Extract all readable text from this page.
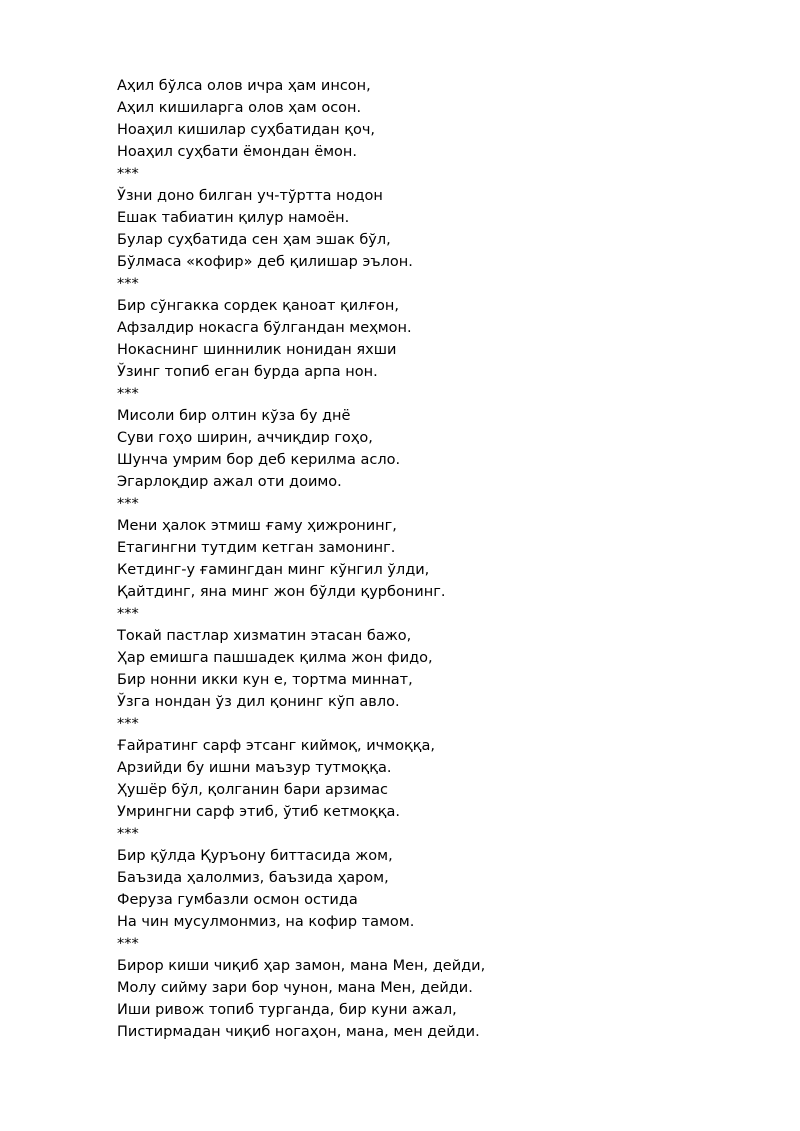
Аҳил бўлса олов ичра ҳам инсон,
Аҳил кишиларга олов ҳам осон.
Ноаҳил кишилар суҳбатидан қоч,
Ноаҳил суҳбати ёмондан ёмон.
***
Ўзни доно билган уч-тўртта нодон
Ешак табиатин қилур намоён.
Булар суҳбатида сен ҳам эшак бўл,
Бўлмаса «кофир» деб қилишар эълон.
***
Бир сўнгакка сордек қаноат қилғон,
Афзалдир нокасга бўлгандан меҳмон.
Нокаснинг шиннилик нонидан яхши
Ўзинг топиб еган бурда арпа нон.
***
Мисоли бир олтин кўза бу днё
Суви гоҳо ширин, аччиқдир гоҳо,
Шунча умрим бор деб керилма асло.
Эгарлоқдир ажал оти доимо.
***
Мени ҳалок этмиш ғаму ҳижронинг,
Етагингни тутдим кетган замонинг.
Кетдинг-у ғамингдан минг кўнгил ўлди,
Қайтдинг, яна минг жон бўлди қурбонинг.
***
Токай пастлар хизматин этасан бажо,
Ҳар емишга пашшадек қилма жон фидо,
Бир нонни икки кун е, тортма миннат,
Ўзга нондан ўз дил қонинг кўп авло.
***
Ғайратинг сарф этсанг киймоқ, ичмоққа,
Арзийди бу ишни маъзур тутмоққа.
Ҳушёр бўл, қолганин бари арзимас
Умрингни сарф этиб, ўтиб кетмоққа.
***
Бир қўлда Қуръону биттасида жом,
Баъзида ҳалолмиз, баъзида ҳаром,
Феруза гумбазли осмон остида
На чин мусулмонмиз, на кофир тамом.
***
Бирор киши чиқиб ҳар замон, мана Мен, дейди,
Молу сийму зари бор чунон, мана Мен, дейди.
Иши ривож топиб турганда, бир куни ажал,
Пистирмадан чиқиб ногаҳон, мана, мен дейди.
